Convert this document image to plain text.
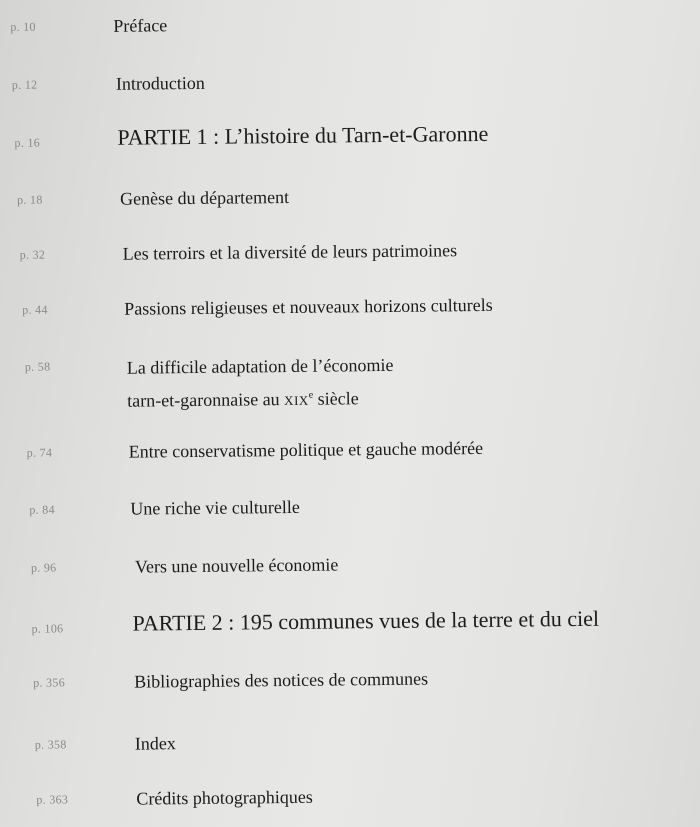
p. 10	Préface
p. 12	Introduction
p. 16	PARTIE 1 : L’histoire du Tarn-et-Garonne
p. 18	Genèse du département
p. 32	Les terroirs et la diversité de leurs patrimoines
p. 44	Passions religieuses et nouveaux horizons culturels
p. 58	La difficile adaptation de l’économie
tarn-et-garonnaise au XIXe siècle
p. 74	Entre conservatisme politique et gauche modérée
p. 84	Une riche vie culturelle
p. 96	Vers une nouvelle économie
p. 106	PARTIE 2 : 195 communes vues de la terre et du ciel
p. 356	Bibliographies des notices de communes
p. 358	Index
p. 363	Crédits photographiques
